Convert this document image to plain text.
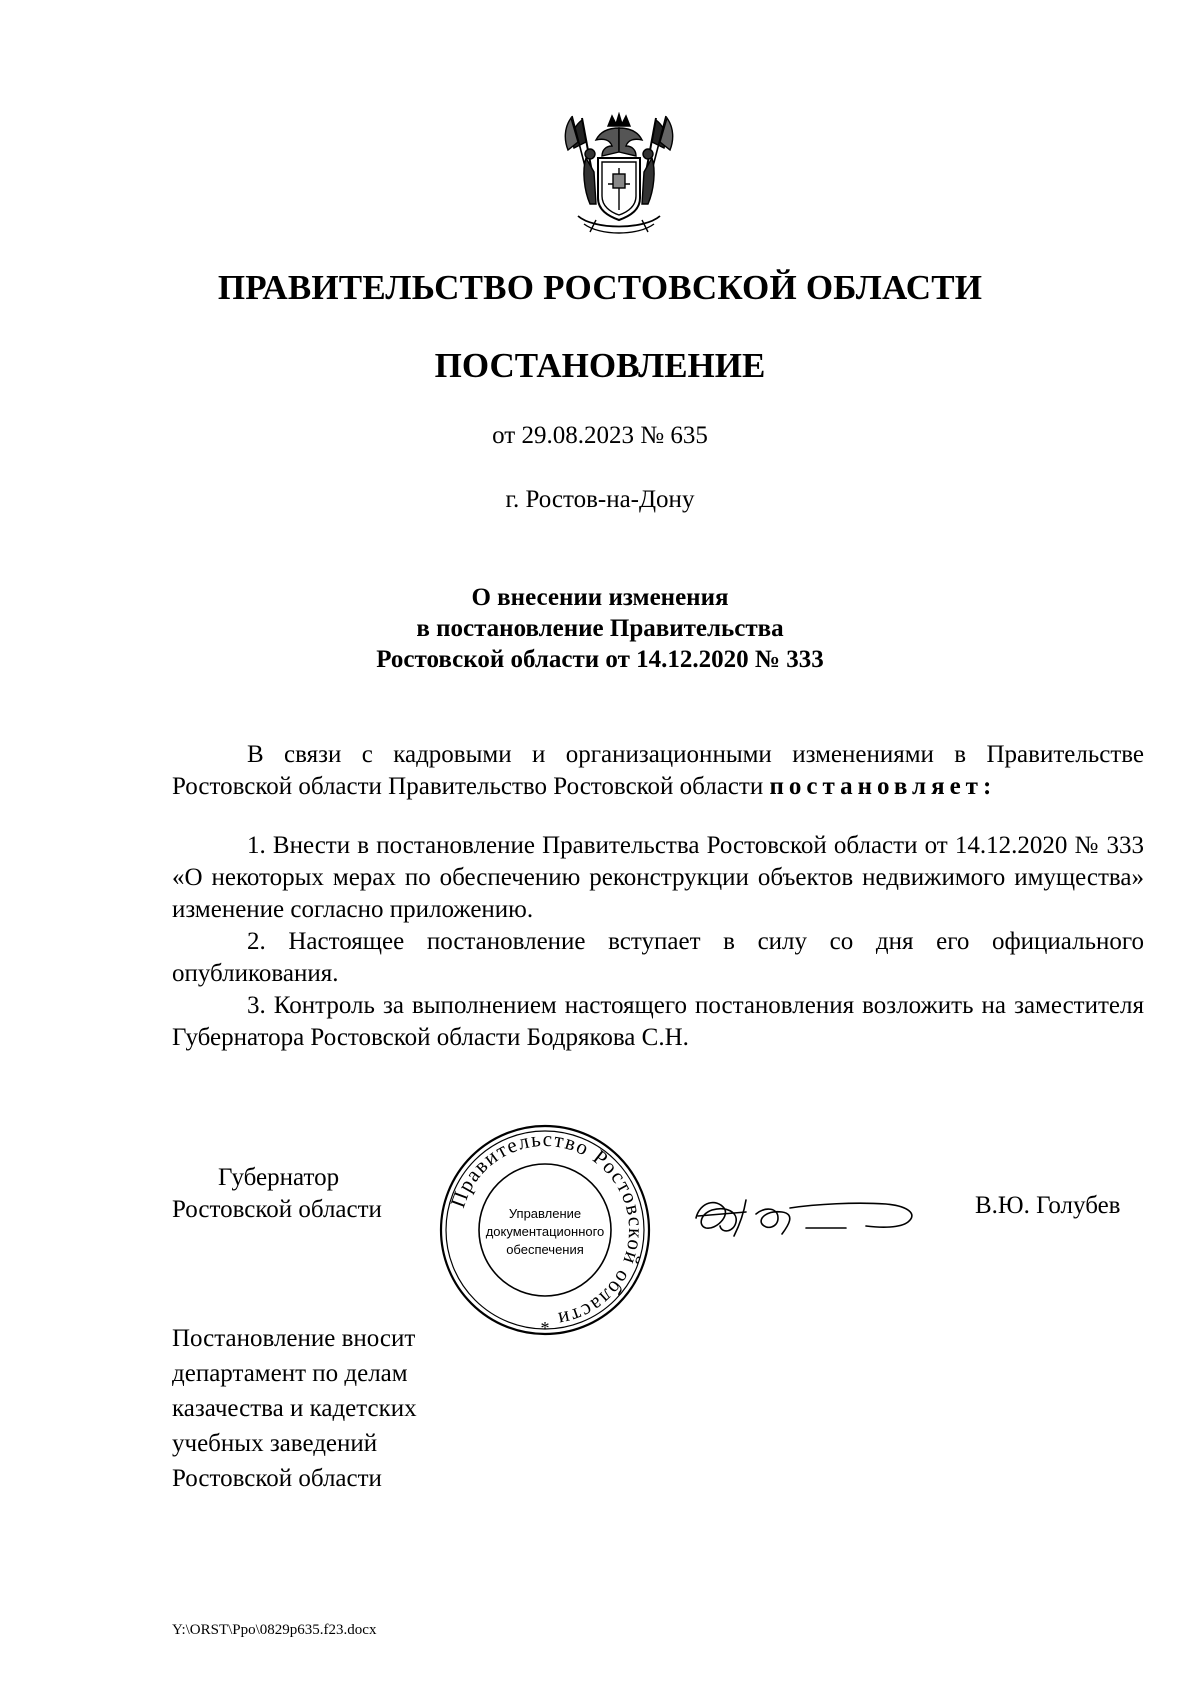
ПРАВИТЕЛЬСТВО РОСТОВСКОЙ ОБЛАСТИ
ПОСТАНОВЛЕНИЕ
от 29.08.2023 № 635
г. Ростов-на-Дону
О внесении изменения
в постановление Правительства
Ростовской области от 14.12.2020 № 333

В связи с кадровыми и организационными изменениями в Правительстве Ростовской области Правительство Ростовской области постановляет:

1. Внести в постановление Правительства Ростовской области от 14.12.2020 № 333 «О некоторых мерах по обеспечению реконструкции объектов недвижимого имущества» изменение согласно приложению.

2. Настоящее постановление вступает в силу со дня его официального опубликования.

3. Контроль за выполнением настоящего постановления возложить на заместителя Губернатора Ростовской области Бодрякова С.Н.

Губернатор
Ростовской области	Правительство Ростовской области
*
Управление
документационного
обеспечения
В.Ю. Голубев
Постановление вносит
департамент по делам
казачества и кадетских
учебных заведений
Ростовской области
Y:\ORST\Ppo\0829p635.f23.docx
